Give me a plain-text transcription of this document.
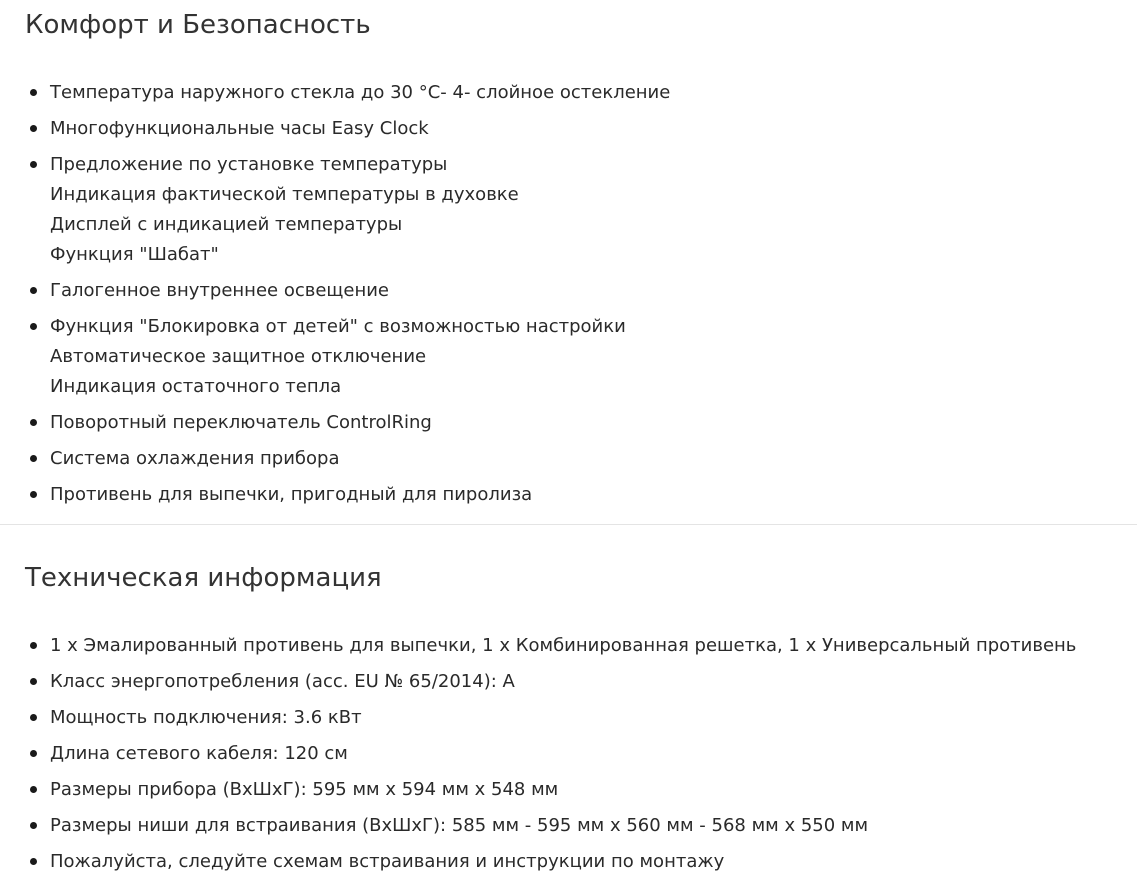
Комфорт и Безопасность
Температура наружного стекла до 30 °C- 4- слойное остекление
Многофункциональные часы Easy Clock
Предложение по установке температуры
Индикация фактической температуры в духовке
Дисплей с индикацией температуры
Функция "Шабат"
Галогенное внутреннее освещение
Функция "Блокировка от детей" с возможностью настройки
Автоматическое защитное отключение
Индикация остаточного тепла
Поворотный переключатель ControlRing
Система охлаждения прибора
Противень для выпечки, пригодный для пиролиза
Техническая информация
1 x Эмалированный противень для выпечки, 1 x Комбинированная решетка, 1 x Универсальный противень
Класс энергопотребления (acc. EU № 65/2014): A
Мощность подключения: 3.6 кВт
Длина сетевого кабеля: 120 см
Размеры прибора (ВхШхГ): 595 мм x 594 мм x 548 мм
Размеры ниши для встраивания (ВхШхГ): 585 мм - 595 мм x 560 мм - 568 мм x 550 мм
Пожалуйста, следуйте схемам встраивания и инструкции по монтажу
